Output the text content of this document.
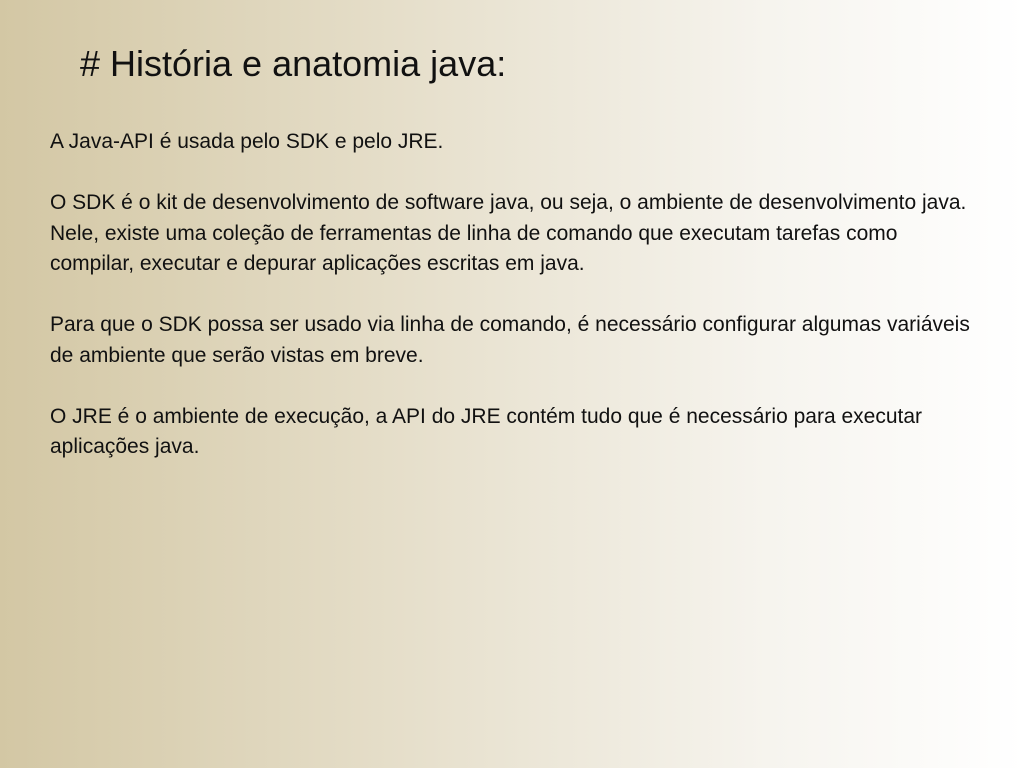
# História e anatomia java:

A Java-API é usada pelo SDK e pelo JRE.

O SDK é o kit de desenvolvimento de software java, ou seja, o ambiente de desenvolvimento java. Nele, existe uma coleção de ferramentas de linha de comando que executam tarefas como compilar, executar e depurar aplicações escritas em java.

Para que o SDK possa ser usado via linha de comando, é necessário configurar algumas variáveis de ambiente que serão vistas em breve.

O JRE é o ambiente de execução, a API do JRE contém tudo que é necessário para executar aplicações java.
